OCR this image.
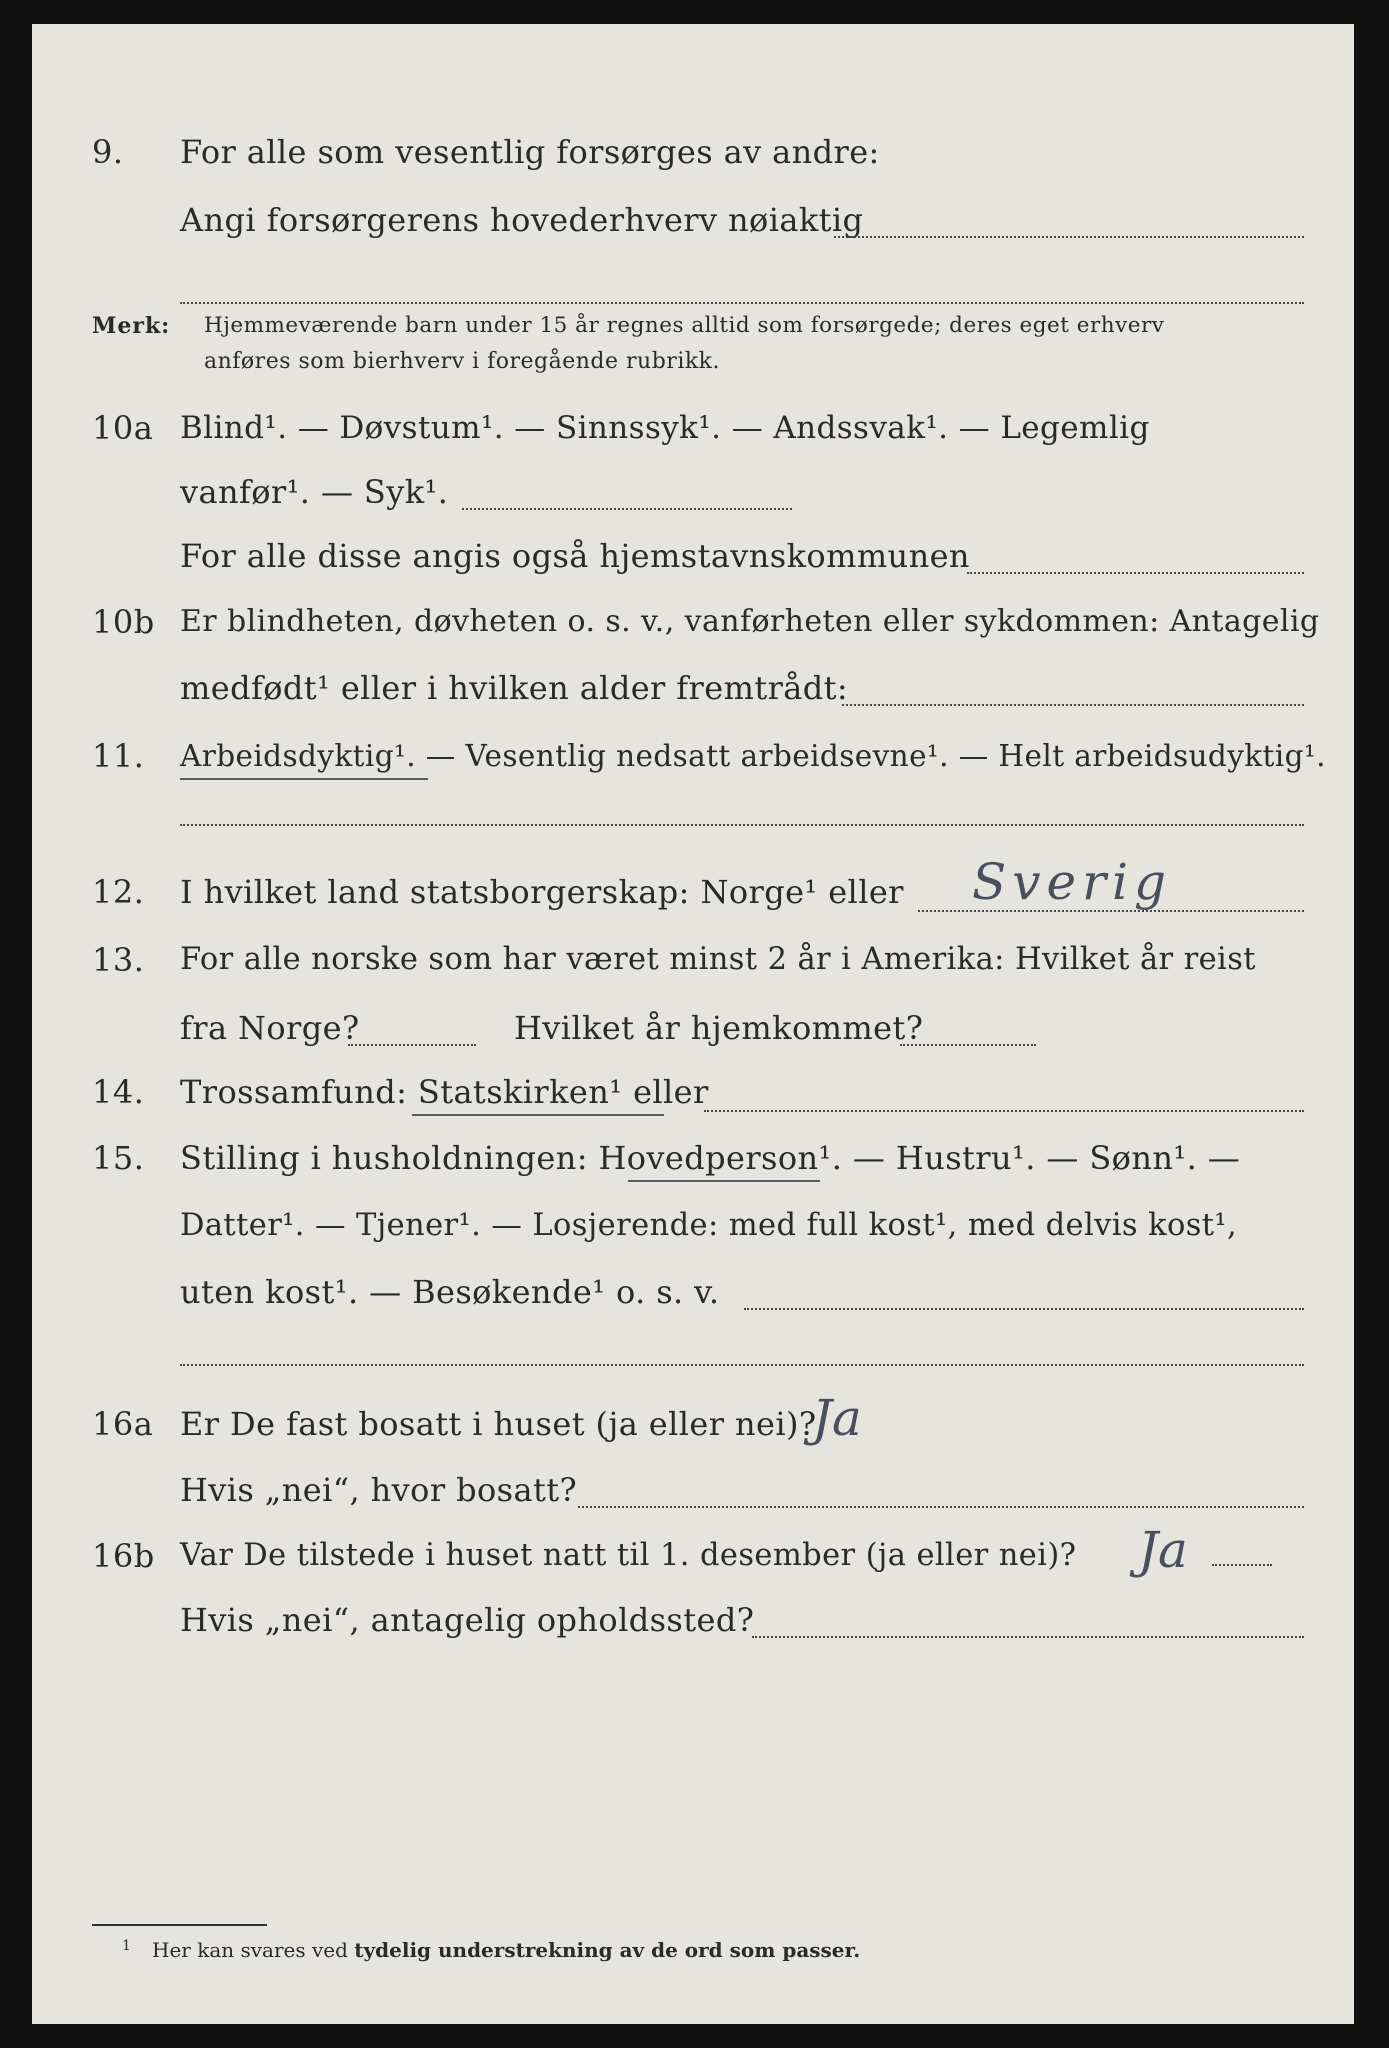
9. For alle som vesentlig forsørges av andre:
Angi forsørgerens hovederhverv nøiaktig
Merk: Hjemmeværende barn under 15 år regnes alltid som forsørgede; deres eget erhverv
anføres som bierhverv i foregående rubrikk.
10a Blind¹. — Døvstum¹. — Sinnssyk¹. — Andssvak¹. — Legemlig
vanfør¹. — Syk¹.
For alle disse angis også hjemstavnskommunen
10b Er blindheten, døvheten o. s. v., vanførheten eller sykdommen: Antagelig
medfødt¹ eller i hvilken alder fremtrådt:
11. Arbeidsdyktig¹. — Vesentlig nedsatt arbeidsevne¹. — Helt arbeidsudyktig¹.
12. I hvilket land statsborgerskap: Norge¹ eller Sverig
13. For alle norske som har været minst 2 år i Amerika: Hvilket år reist
fra Norge?	Hvilket år hjemkommet?
14. Trossamfund: Statskirken¹ eller
15. Stilling i husholdningen: Hovedperson¹. — Hustru¹. — Sønn¹. —
Datter¹. — Tjener¹. — Losjerende: med full kost¹, med delvis kost¹,
uten kost¹. — Besøkende¹ o. s. v.
16a Er De fast bosatt i huset (ja eller nei)?
Ja
Hvis „nei“, hvor bosatt?
16b Var De tilstede i huset natt til 1. desember (ja eller nei)? Ja
Hvis „nei“, antagelig opholdssted?
1 Her kan svares ved tydelig understrekning av de ord som passer.
